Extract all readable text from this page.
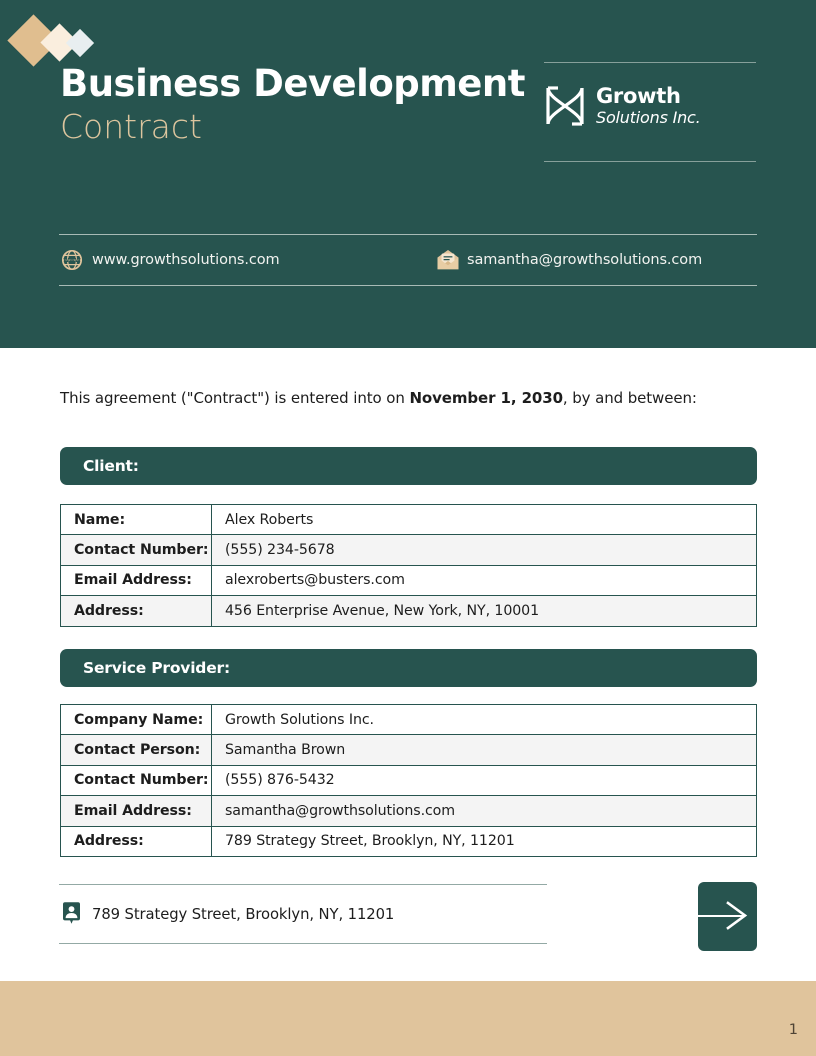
Business Development
Contract
Growth
Solutions Inc.
WWW www.growthsolutions.com	samantha@growthsolutions.com
This agreement ("Contract") is entered into on November 1, 2030, by and between:
Client:
Name:	Alex Roberts
Contact Number:	(555) 234-5678
Email Address:	alexroberts@busters.com
Address:	456 Enterprise Avenue, New York, NY, 10001
Service Provider:
Company Name:	Growth Solutions Inc.
Contact Person:	Samantha Brown
Contact Number:	(555) 876-5432
Email Address:	samantha@growthsolutions.com
Address:	789 Strategy Street, Brooklyn, NY, 11201
789 Strategy Street, Brooklyn, NY, 11201
1
